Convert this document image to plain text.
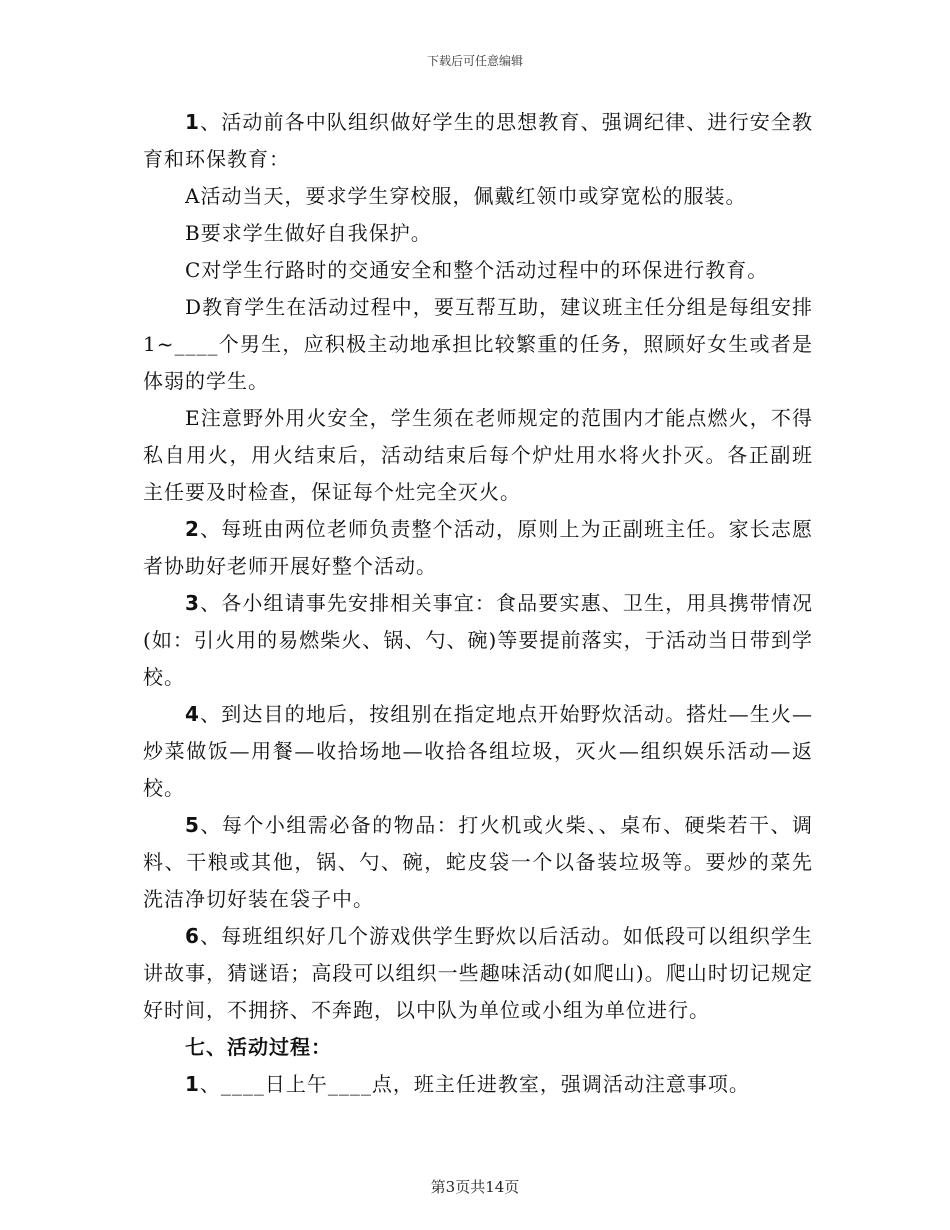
下载后可任意编辑

1、活动前各中队组织做好学生的思想教育、强调纪律、进行安全教育和环保教育：

A活动当天，要求学生穿校服，佩戴红领巾或穿宽松的服装。

B要求学生做好自我保护。

C对学生行路时的交通安全和整个活动过程中的环保进行教育。

D教育学生在活动过程中，要互帮互助，建议班主任分组是每组安排1~____个男生，应积极主动地承担比较繁重的任务，照顾好女生或者是体弱的学生。

E注意野外用火安全，学生须在老师规定的范围内才能点燃火，不得私自用火，用火结束后，活动结束后每个炉灶用水将火扑灭。各正副班主任要及时检查，保证每个灶完全灭火。

2、每班由两位老师负责整个活动，原则上为正副班主任。家长志愿者协助好老师开展好整个活动。

3、各小组请事先安排相关事宜：食品要实惠、卫生，用具携带情况(如：引火用的易燃柴火、锅、勺、碗)等要提前落实，于活动当日带到学校。

4、到达目的地后，按组别在指定地点开始野炊活动。搭灶—生火—炒菜做饭—用餐—收拾场地—收拾各组垃圾，灭火—组织娱乐活动—返校。

5、每个小组需必备的物品：打火机或火柴、、桌布、硬柴若干、调料、干粮或其他，锅、勺、碗，蛇皮袋一个以备装垃圾等。要炒的菜先洗洁净切好装在袋子中。

6、每班组织好几个游戏供学生野炊以后活动。如低段可以组织学生讲故事，猜谜语；高段可以组织一些趣味活动(如爬山)。爬山时切记规定好时间，不拥挤、不奔跑，以中队为单位或小组为单位进行。

七、活动过程：

1、____日上午____点，班主任进教室，强调活动注意事项。

第3页共14页
